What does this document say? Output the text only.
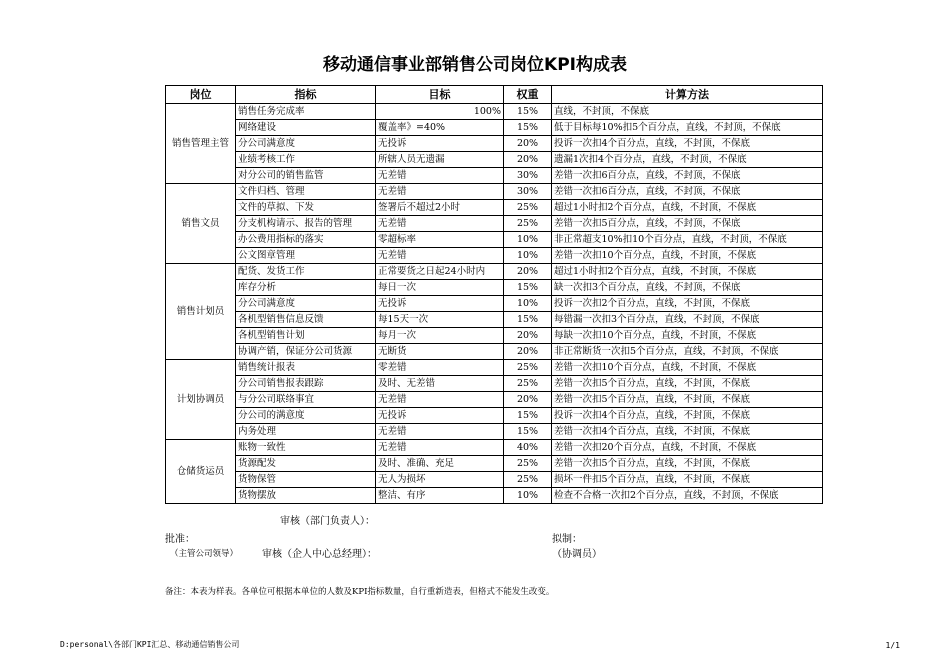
移动通信事业部销售公司岗位KPI构成表
岗位	指标	目标	权重	计算方法
销售管理主管	销售任务完成率	100%	15%	直线，不封顶，不保底
	网络建设	覆盖率》=40%	15%	低于目标每10%扣5个百分点，直线，不封顶，不保底
	分公司满意度	无投诉	20%	投诉一次扣4个百分点，直线，不封顶，不保底
	业绩考核工作	所辖人员无遗漏	20%	遗漏1次扣4个百分点，直线，不封顶，不保底
	对分公司的销售监管	无差错	30%	差错一次扣6百分点，直线，不封顶，不保底
销售文员	文件归档、管理	无差错	30%	差错一次扣6百分点，直线，不封顶，不保底
	文件的草拟、下发	签署后不超过2小时	25%	超过1小时扣2个百分点，直线，不封顶，不保底
	分支机构请示、报告的管理	无差错	25%	差错一次扣5百分点，直线，不封顶，不保底
	办公费用指标的落实	零超标率	10%	非正常超支10%扣10个百分点，直线，不封顶，不保底
	公文图章管理	无差错	10%	差错一次扣10个百分点，直线，不封顶，不保底
销售计划员	配货、发货工作	正常要货之日起24小时内	20%	超过1小时扣2个百分点，直线，不封顶，不保底
	库存分析	每日一次	15%	缺一次扣3个百分点，直线，不封顶，不保底
	分公司满意度	无投诉	10%	投诉一次扣2个百分点，直线，不封顶，不保底
	各机型销售信息反馈	每15天一次	15%	每错漏一次扣3个百分点，直线，不封顶，不保底
	各机型销售计划	每月一次	20%	每缺一次扣10个百分点，直线，不封顶，不保底
	协调产销，保证分公司货源	无断货	20%	非正常断货一次扣5个百分点，直线，不封顶，不保底
计划协调员	销售统计报表	零差错	25%	差错一次扣10个百分点，直线，不封顶，不保底
	分公司销售报表跟踪	及时、无差错	25%	差错一次扣5个百分点，直线，不封顶，不保底
	与分公司联络事宜	无差错	20%	差错一次扣5个百分点，直线，不封顶，不保底
	分公司的满意度	无投诉	15%	投诉一次扣4个百分点，直线，不封顶，不保底
	内务处理	无差错	15%	差错一次扣4个百分点，直线，不封顶，不保底
仓储货运员	账物一致性	无差错	40%	差错一次扣20个百分点，直线，不封顶，不保底
	货源配发	及时、准确、充足	25%	差错一次扣5个百分点，直线，不封顶，不保底
	货物保管	无人为损坏	25%	损坏一件扣5个百分点，直线，不封顶，不保底
	货物摆放	整洁、有序	10%	检查不合格一次扣2个百分点，直线，不封顶，不保底
审核（部门负责人）：
批准：
（主管公司领导） 审核（企人中心总经理）：
拟制：
（协调员）
备注：本表为样表。各单位可根据本单位的人数及KPI指标数量，自行重新造表，但格式不能发生改变。
D:personal\各部门KPI汇总、移动通信销售公司	1/1
